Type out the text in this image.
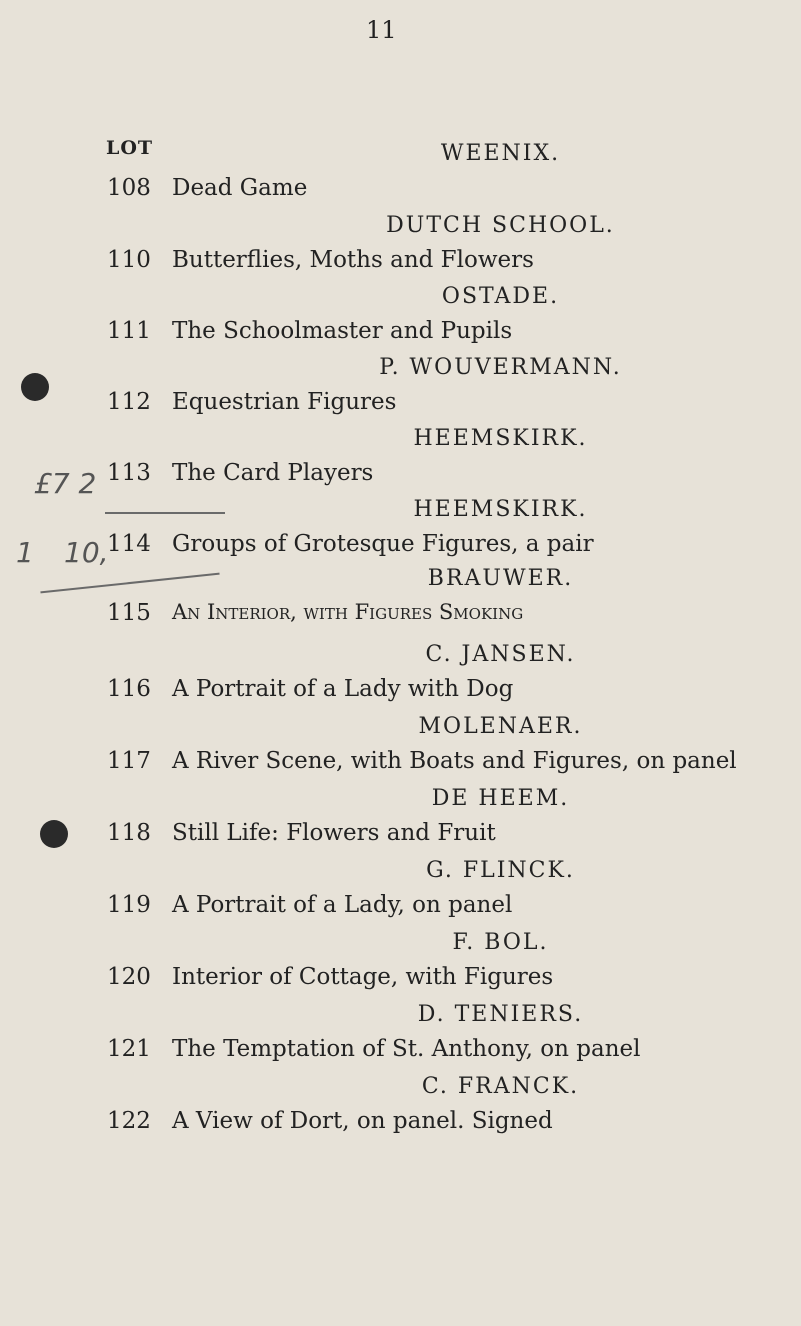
11
LOT	WEENIX.
108 Dead Game
DUTCH SCHOOL.
110 Butterflies, Moths and Flowers
OSTADE.
111 The Schoolmaster and Pupils
P. WOUVERMANN.
112 Equestrian Figures
HEEMSKIRK.
113 The Card Players
HEEMSKIRK.
114 Groups of Grotesque Figures, a pair
BRAUWER.
115 An Interior, with Figures Smoking
C. JANSEN.
116 A Portrait of a Lady with Dog
MOLENAER.
117 A River Scene, with Boats and Figures, on panel
DE HEEM.
118 Still Life: Flowers and Fruit
G. FLINCK.
119 A Portrait of a Lady, on panel
F. BOL.
120 Interior of Cottage, with Figures
D. TENIERS.
121 The Temptation of St. Anthony, on panel
C. FRANCK.
122 A View of Dort, on panel. Signed
£7 2
1 10,
